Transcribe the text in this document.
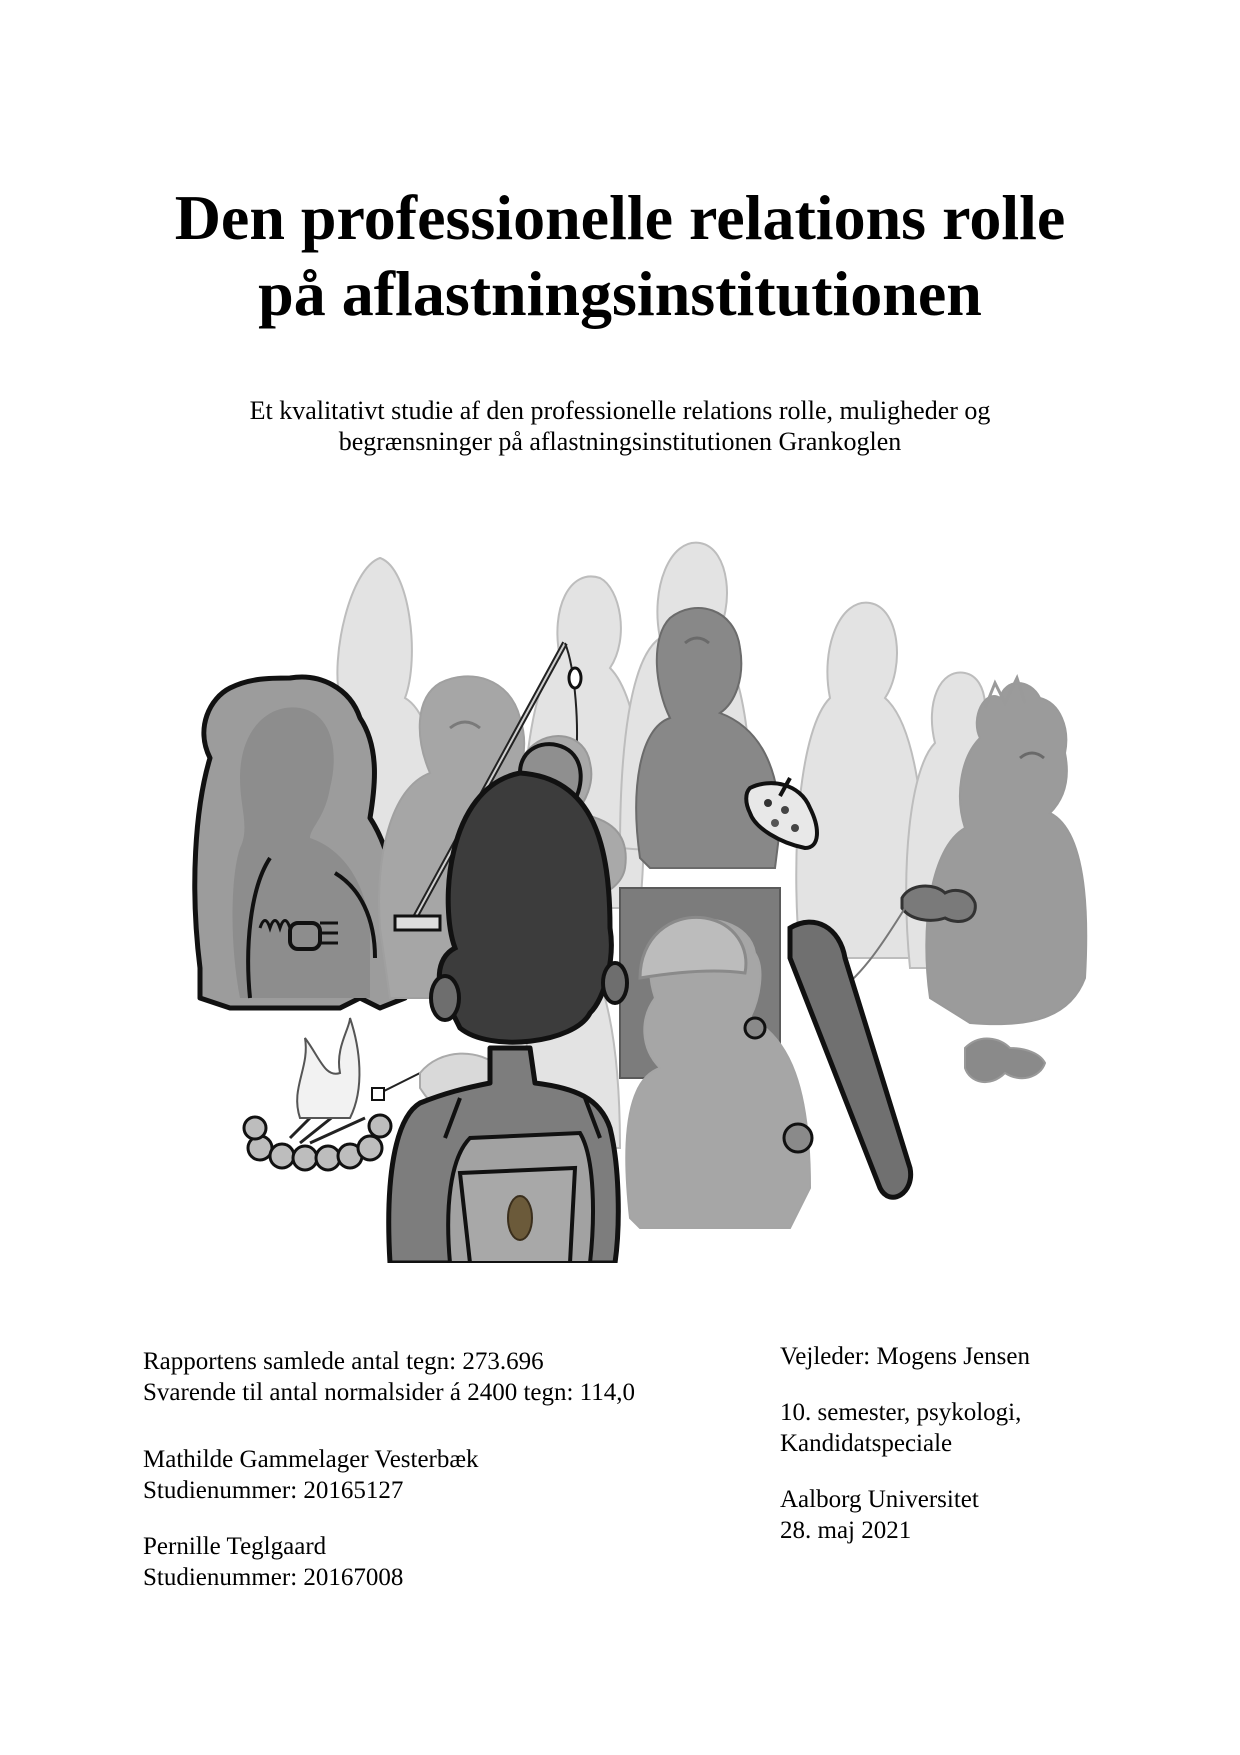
Den professionelle relations rolle
på aflastningsinstitutionen

Et kvalitativt studie af den professionelle relations rolle, muligheder og
begrænsninger på aflastningsinstitutionen Grankoglen

Rapportens samlede antal tegn: 273.696
Svarende til antal normalsider á 2400 tegn: 114,0
Mathilde Gammelager Vesterbæk
Studienummer: 20165127
Pernille Teglgaard
Studienummer: 20167008
Vejleder: Mogens Jensen
10. semester, psykologi,
Kandidatspeciale
Aalborg Universitet
28. maj 2021
